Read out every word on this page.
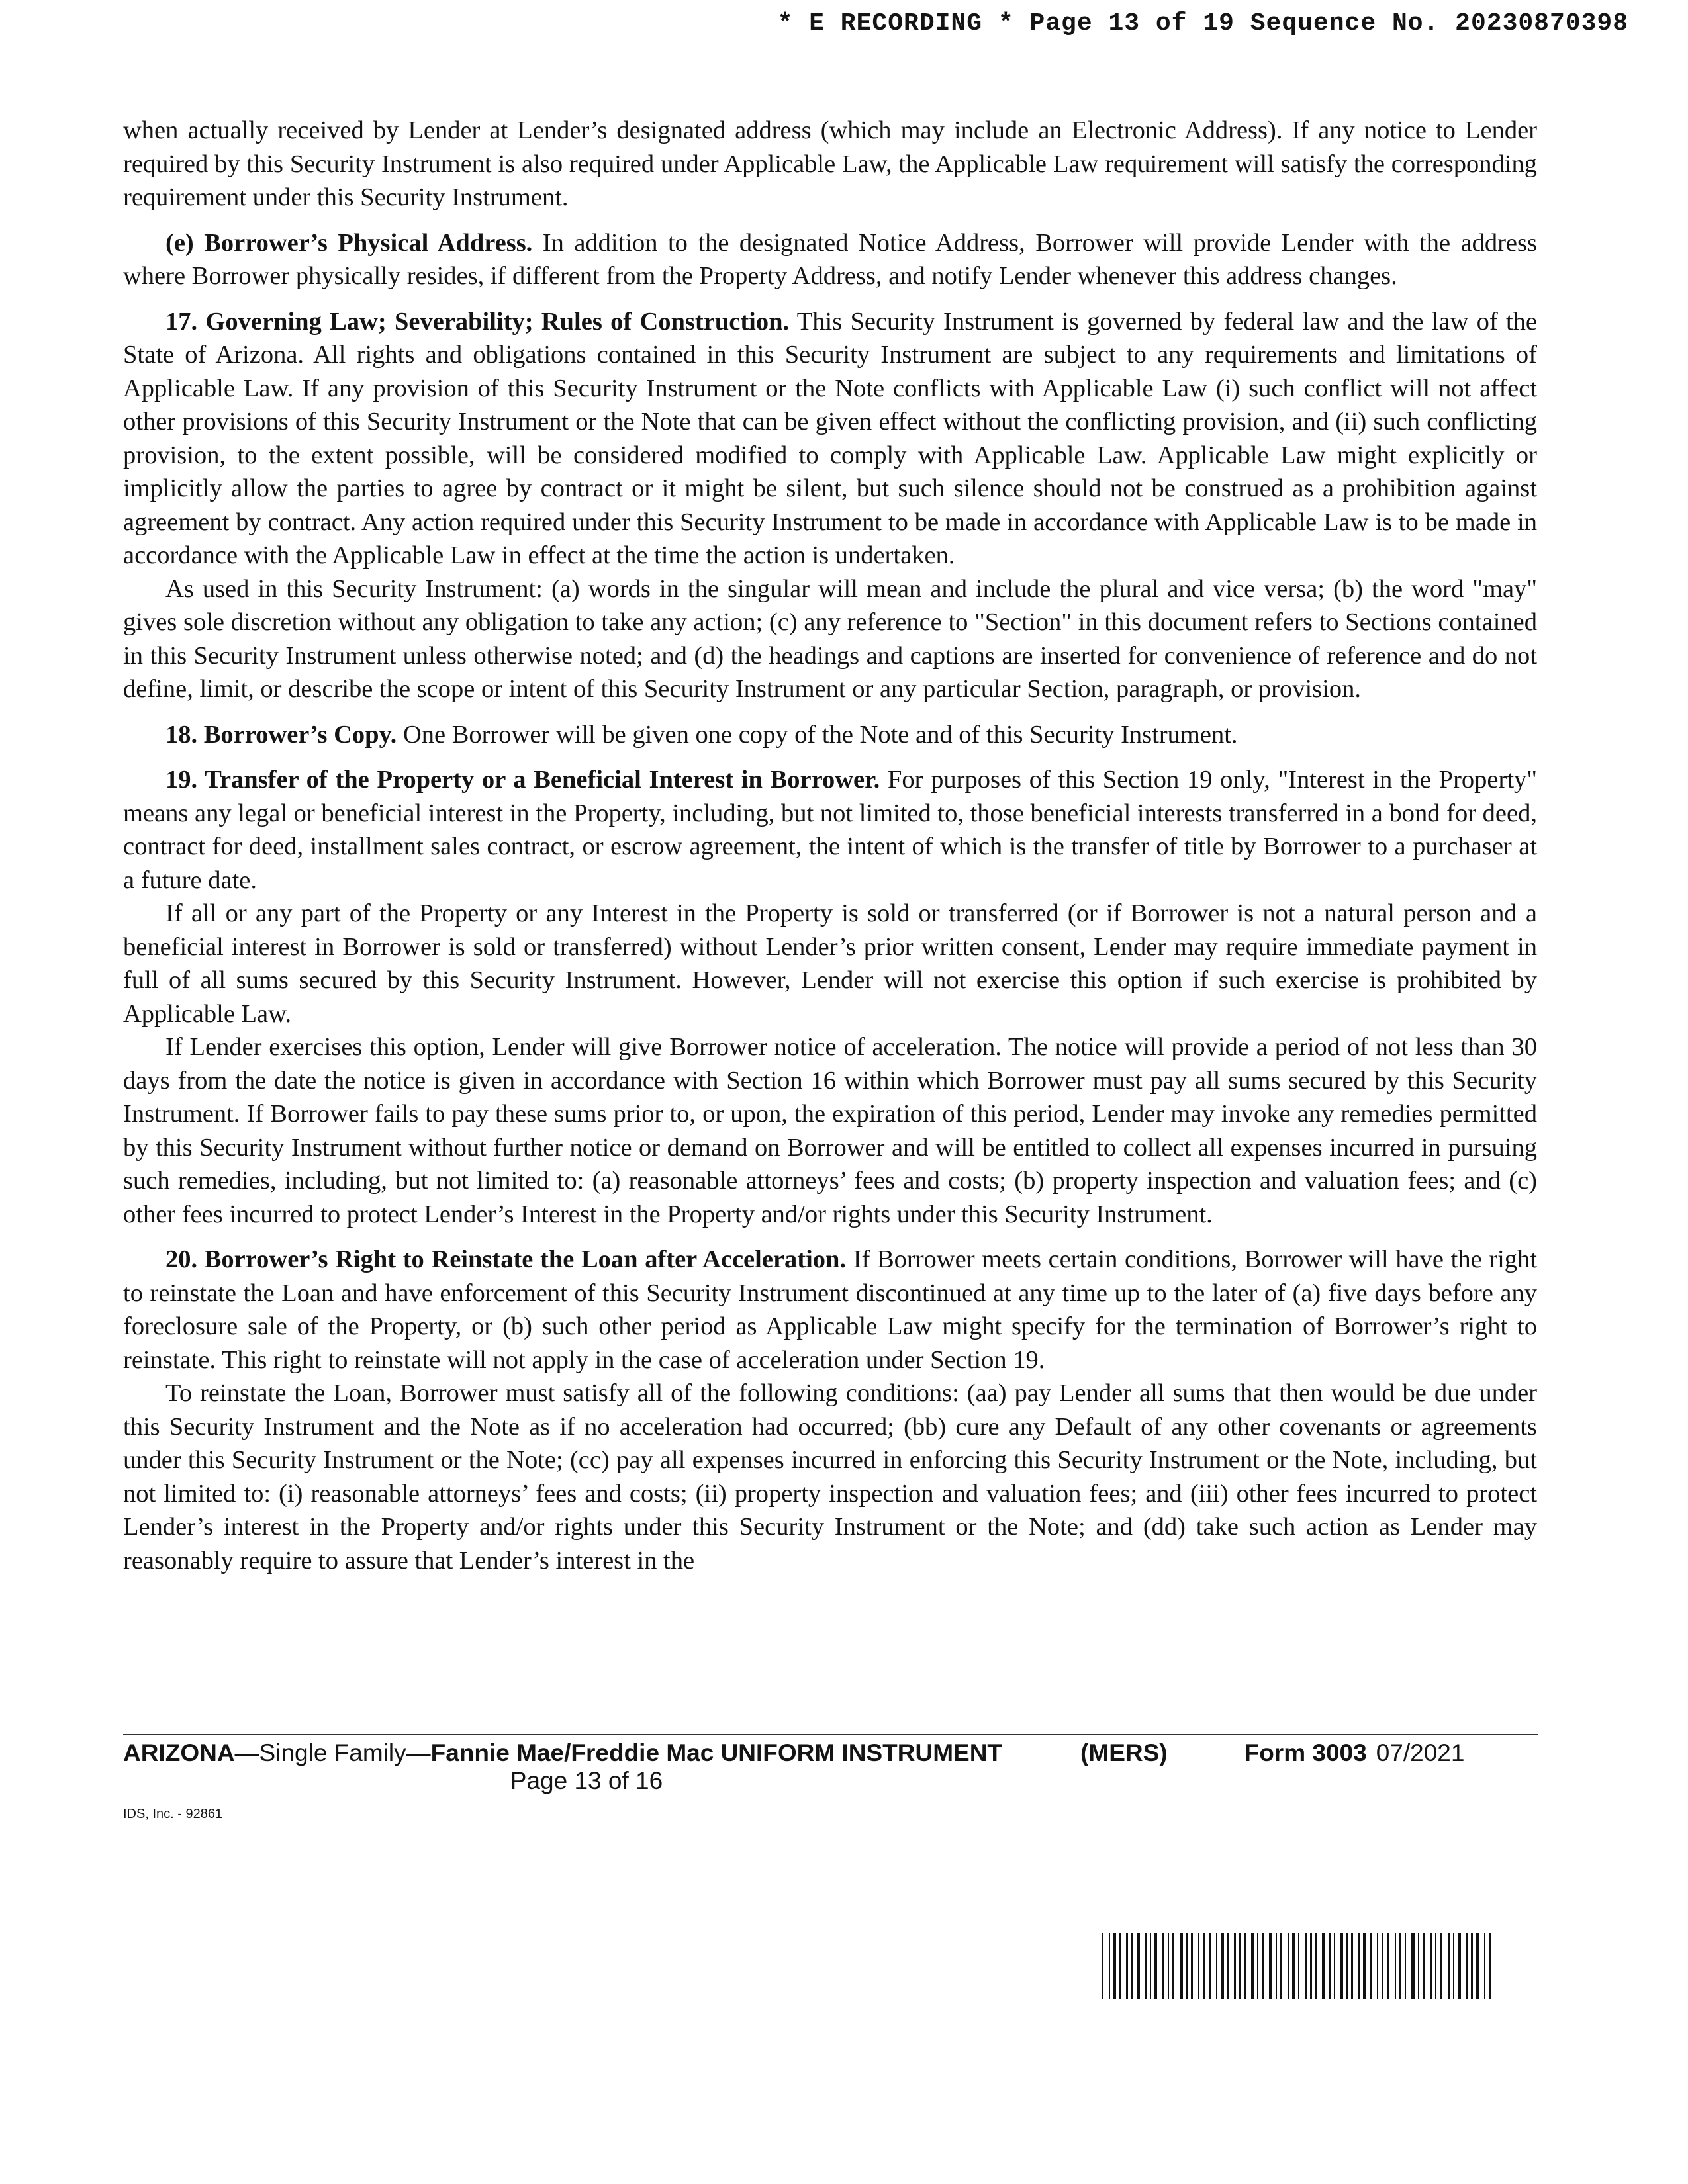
* E RECORDING * Page 13 of 19 Sequence No. 20230870398

when actually received by Lender at Lender’s designated address (which may include an Electronic Address). If any notice to Lender required by this Security Instrument is also required under Applicable Law, the Applicable Law requirement will satisfy the corresponding requirement under this Security Instrument.

(e) Borrower’s Physical Address. In addition to the designated Notice Address, Borrower will provide Lender with the address where Borrower physically resides, if different from the Property Address, and notify Lender whenever this address changes.

17. Governing Law; Severability; Rules of Construction. This Security Instrument is governed by federal law and the law of the State of Arizona. All rights and obligations contained in this Security Instrument are subject to any requirements and limitations of Applicable Law. If any provision of this Security Instrument or the Note conflicts with Applicable Law (i) such conflict will not affect other provisions of this Security Instrument or the Note that can be given effect without the conflicting provision, and (ii) such conflicting provision, to the extent possible, will be considered modified to comply with Applicable Law. Applicable Law might explicitly or implicitly allow the parties to agree by contract or it might be silent, but such silence should not be construed as a prohibition against agreement by contract. Any action required under this Security Instrument to be made in accordance with Applicable Law is to be made in accordance with the Applicable Law in effect at the time the action is undertaken.

As used in this Security Instrument: (a) words in the singular will mean and include the plural and vice versa; (b) the word "may" gives sole discretion without any obligation to take any action; (c) any reference to "Section" in this document refers to Sections contained in this Security Instrument unless otherwise noted; and (d) the headings and captions are inserted for convenience of reference and do not define, limit, or describe the scope or intent of this Security Instrument or any particular Section, paragraph, or provision.

18. Borrower’s Copy. One Borrower will be given one copy of the Note and of this Security Instrument.

19. Transfer of the Property or a Beneficial Interest in Borrower. For purposes of this Section 19 only, "Interest in the Property" means any legal or beneficial interest in the Property, including, but not limited to, those beneficial interests transferred in a bond for deed, contract for deed, installment sales contract, or escrow agreement, the intent of which is the transfer of title by Borrower to a purchaser at a future date.

If all or any part of the Property or any Interest in the Property is sold or transferred (or if Borrower is not a natural person and a beneficial interest in Borrower is sold or transferred) without Lender’s prior written consent, Lender may require immediate payment in full of all sums secured by this Security Instrument. However, Lender will not exercise this option if such exercise is prohibited by Applicable Law.

If Lender exercises this option, Lender will give Borrower notice of acceleration. The notice will provide a period of not less than 30 days from the date the notice is given in accordance with Section 16 within which Borrower must pay all sums secured by this Security Instrument. If Borrower fails to pay these sums prior to, or upon, the expiration of this period, Lender may invoke any remedies permitted by this Security Instrument without further notice or demand on Borrower and will be entitled to collect all expenses incurred in pursuing such remedies, including, but not limited to: (a) reasonable attorneys’ fees and costs; (b) property inspection and valuation fees; and (c) other fees incurred to protect Lender’s Interest in the Property and/or rights under this Security Instrument.

20. Borrower’s Right to Reinstate the Loan after Acceleration. If Borrower meets certain conditions, Borrower will have the right to reinstate the Loan and have enforcement of this Security Instrument discontinued at any time up to the later of (a) five days before any foreclosure sale of the Property, or (b) such other period as Applicable Law might specify for the termination of Borrower’s right to reinstate. This right to reinstate will not apply in the case of acceleration under Section 19.

To reinstate the Loan, Borrower must satisfy all of the following conditions: (aa) pay Lender all sums that then would be due under this Security Instrument and the Note as if no acceleration had occurred; (bb) cure any Default of any other covenants or agreements under this Security Instrument or the Note; (cc) pay all expenses incurred in enforcing this Security Instrument or the Note, including, but not limited to: (i) reasonable attorneys’ fees and costs; (ii) property inspection and valuation fees; and (iii) other fees incurred to protect Lender’s interest in the Property and/or rights under this Security Instrument or the Note; and (dd) take such action as Lender may reasonably require to assure that Lender’s interest in the

ARIZONA —Single Family— Fannie Mae/Freddie Mac UNIFORM INSTRUMENT	(MERS)	Form 3003 07/2021
Page 13 of 16
IDS, Inc. - 92861
